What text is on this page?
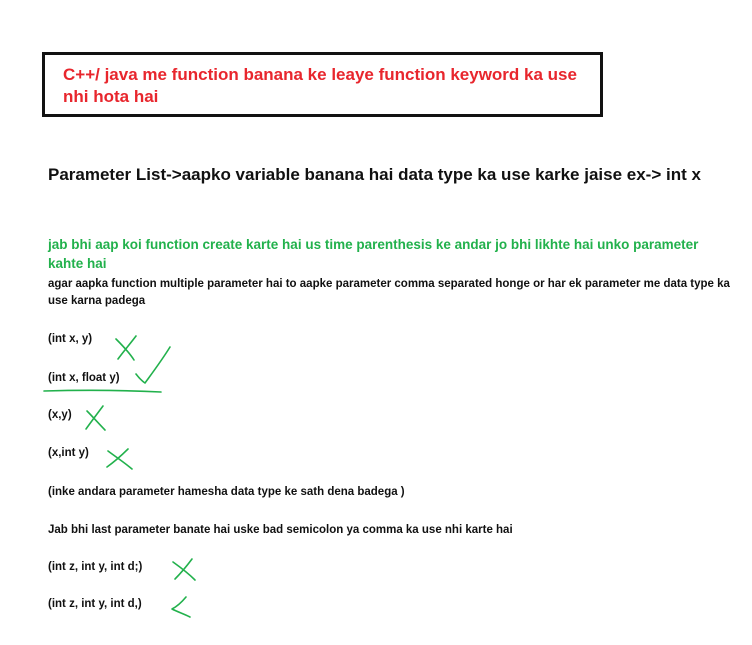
C++/ java me function banana ke leaye function keyword ka use nhi hota hai
Parameter List->aapko variable banana hai data type ka use karke jaise ex-> int x
jab bhi aap koi function create karte hai us time parenthesis ke andar jo bhi likhte hai unko parameter kahte hai
agar aapka function multiple parameter hai to aapke parameter comma separated honge or har ek parameter me data type ka use karna padega
(int x, y)
(int x, float y)
(x,y)
(x,int y)
(inke andara parameter hamesha data type ke sath dena badega )
Jab bhi last parameter banate hai uske bad semicolon ya comma ka use nhi karte hai
(int z, int y, int d;)
(int z, int y, int d,)
